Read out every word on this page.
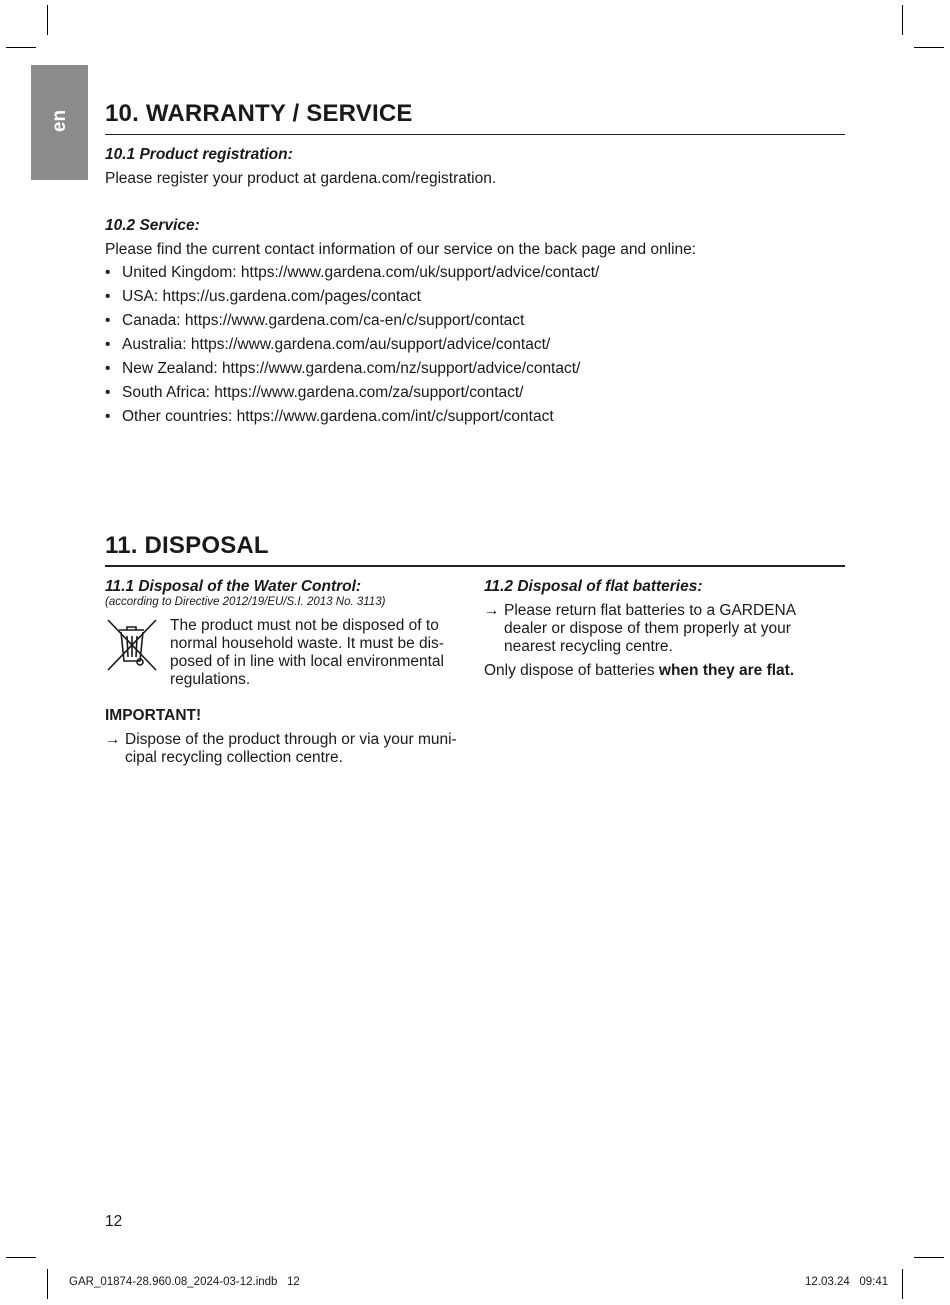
en 10. WARRANTY / SERVICE

10.1 Product registration:

Please register your product at gardena.com/registration.

10.2 Service:

Please find the current contact information of our service on the back page and online:

• United Kingdom: https://www.gardena.com/uk/support/advice/contact/
• USA: https://us.gardena.com/pages/contact
• Canada: https://www.gardena.com/ca-en/c/support/contact
• Australia: https://www.gardena.com/au/support/advice/contact/
• New Zealand: https://www.gardena.com/nz/support/advice/contact/
• South Africa: https://www.gardena.com/za/support/contact/
• Other countries: https://www.gardena.com/int/c/support/contact
11. DISPOSAL

11.1 Disposal of the Water Control:

(according to Directive 2012/19/EU/S.I. 2013 No. 3113)
The product must not be disposed of to
normal household waste. It must be dis-
posed of in line with local environmental
regulations.

IMPORTANT!

→ Dispose of the product through or via your muni-
cipal recycling collection centre.

11.2 Disposal of flat batteries:

→ Please return flat batteries to a GARDENA
dealer or dispose of them properly at your
nearest recycling centre.

Only dispose of batteries when they are flat.

12
GAR_01874-28.960.08_2024-03-12.indb   12	12.03.24   09:41
